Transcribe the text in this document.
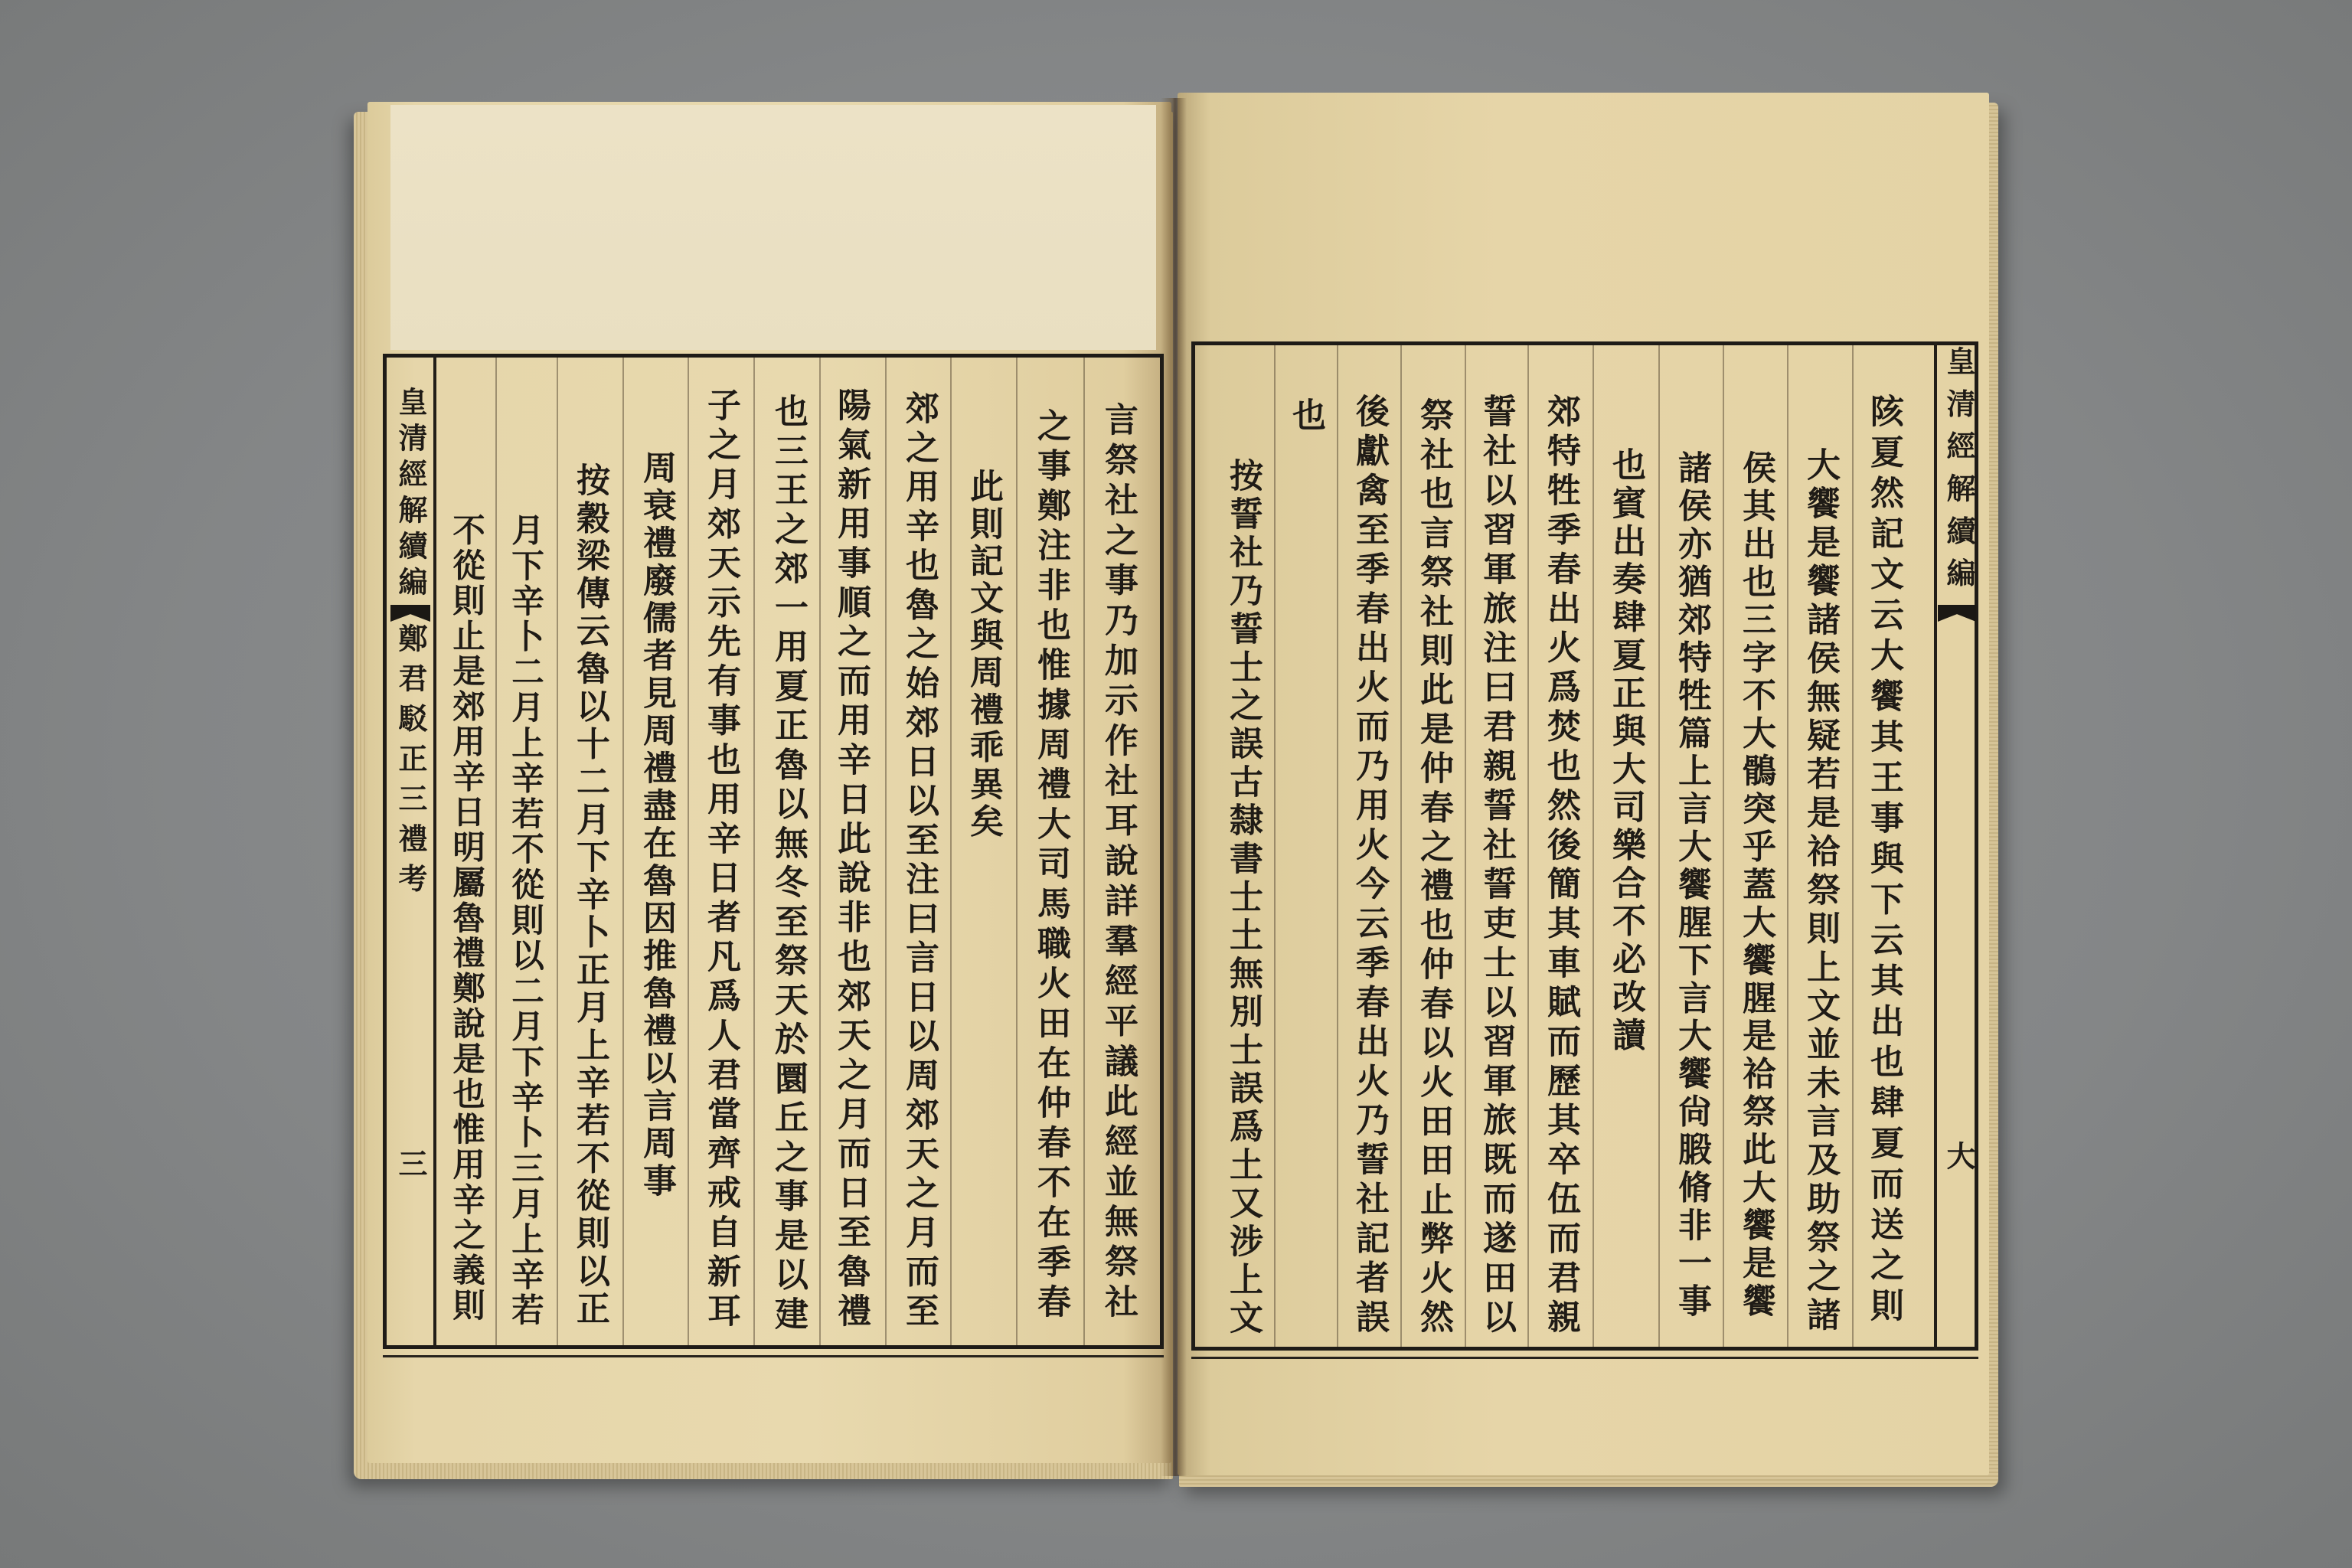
皇清經解續編
鄭君駁正三禮考
三
皇清經解續編
大
言祭社之事乃加示作社耳說詳羣經平議此經並無祭社
之事鄭注非也惟據周禮大司馬職火田在仲春不在季春
此則記文與周禮乖異矣
郊之用辛也魯之始郊日以至注曰言日以周郊天之月而至
陽氣新用事順之而用辛日此說非也郊天之月而日至魯禮
也三王之郊一用夏正魯以無冬至祭天於圜丘之事是以建
子之月郊天示先有事也用辛日者凡爲人君當齊戒自新耳
周衰禮廢儒者見周禮盡在魯因推魯禮以言周事
按穀梁傳云魯以十二月下辛卜正月上辛若不從則以正
月下辛卜二月上辛若不從則以二月下辛卜三月上辛若
不從則止是郊用辛日明屬魯禮鄭說是也惟用辛之義則	陔夏然記文云大饗其王事與下云其出也肆夏而送之則
大饗是饗諸侯無疑若是祫祭則上文並未言及助祭之諸
侯其出也三字不大鶻突乎蓋大饗腥是祫祭此大饗是饗
諸侯亦猶郊特牲篇上言大饗腥下言大饗尙腶脩非一事
也賓出奏肆夏正與大司樂合不必改讀
郊特牲季春出火爲焚也然後簡其車賦而歷其卒伍而君親
誓社以習軍旅注曰君親誓社誓吏士以習軍旅既而遂田以
祭社也言祭社則此是仲春之禮也仲春以火田田止弊火然
後獻禽至季春出火而乃用火今云季春出火乃誓社記者誤
也
按誓社乃誓士之誤古隸書士土無別士誤爲土又涉上文
